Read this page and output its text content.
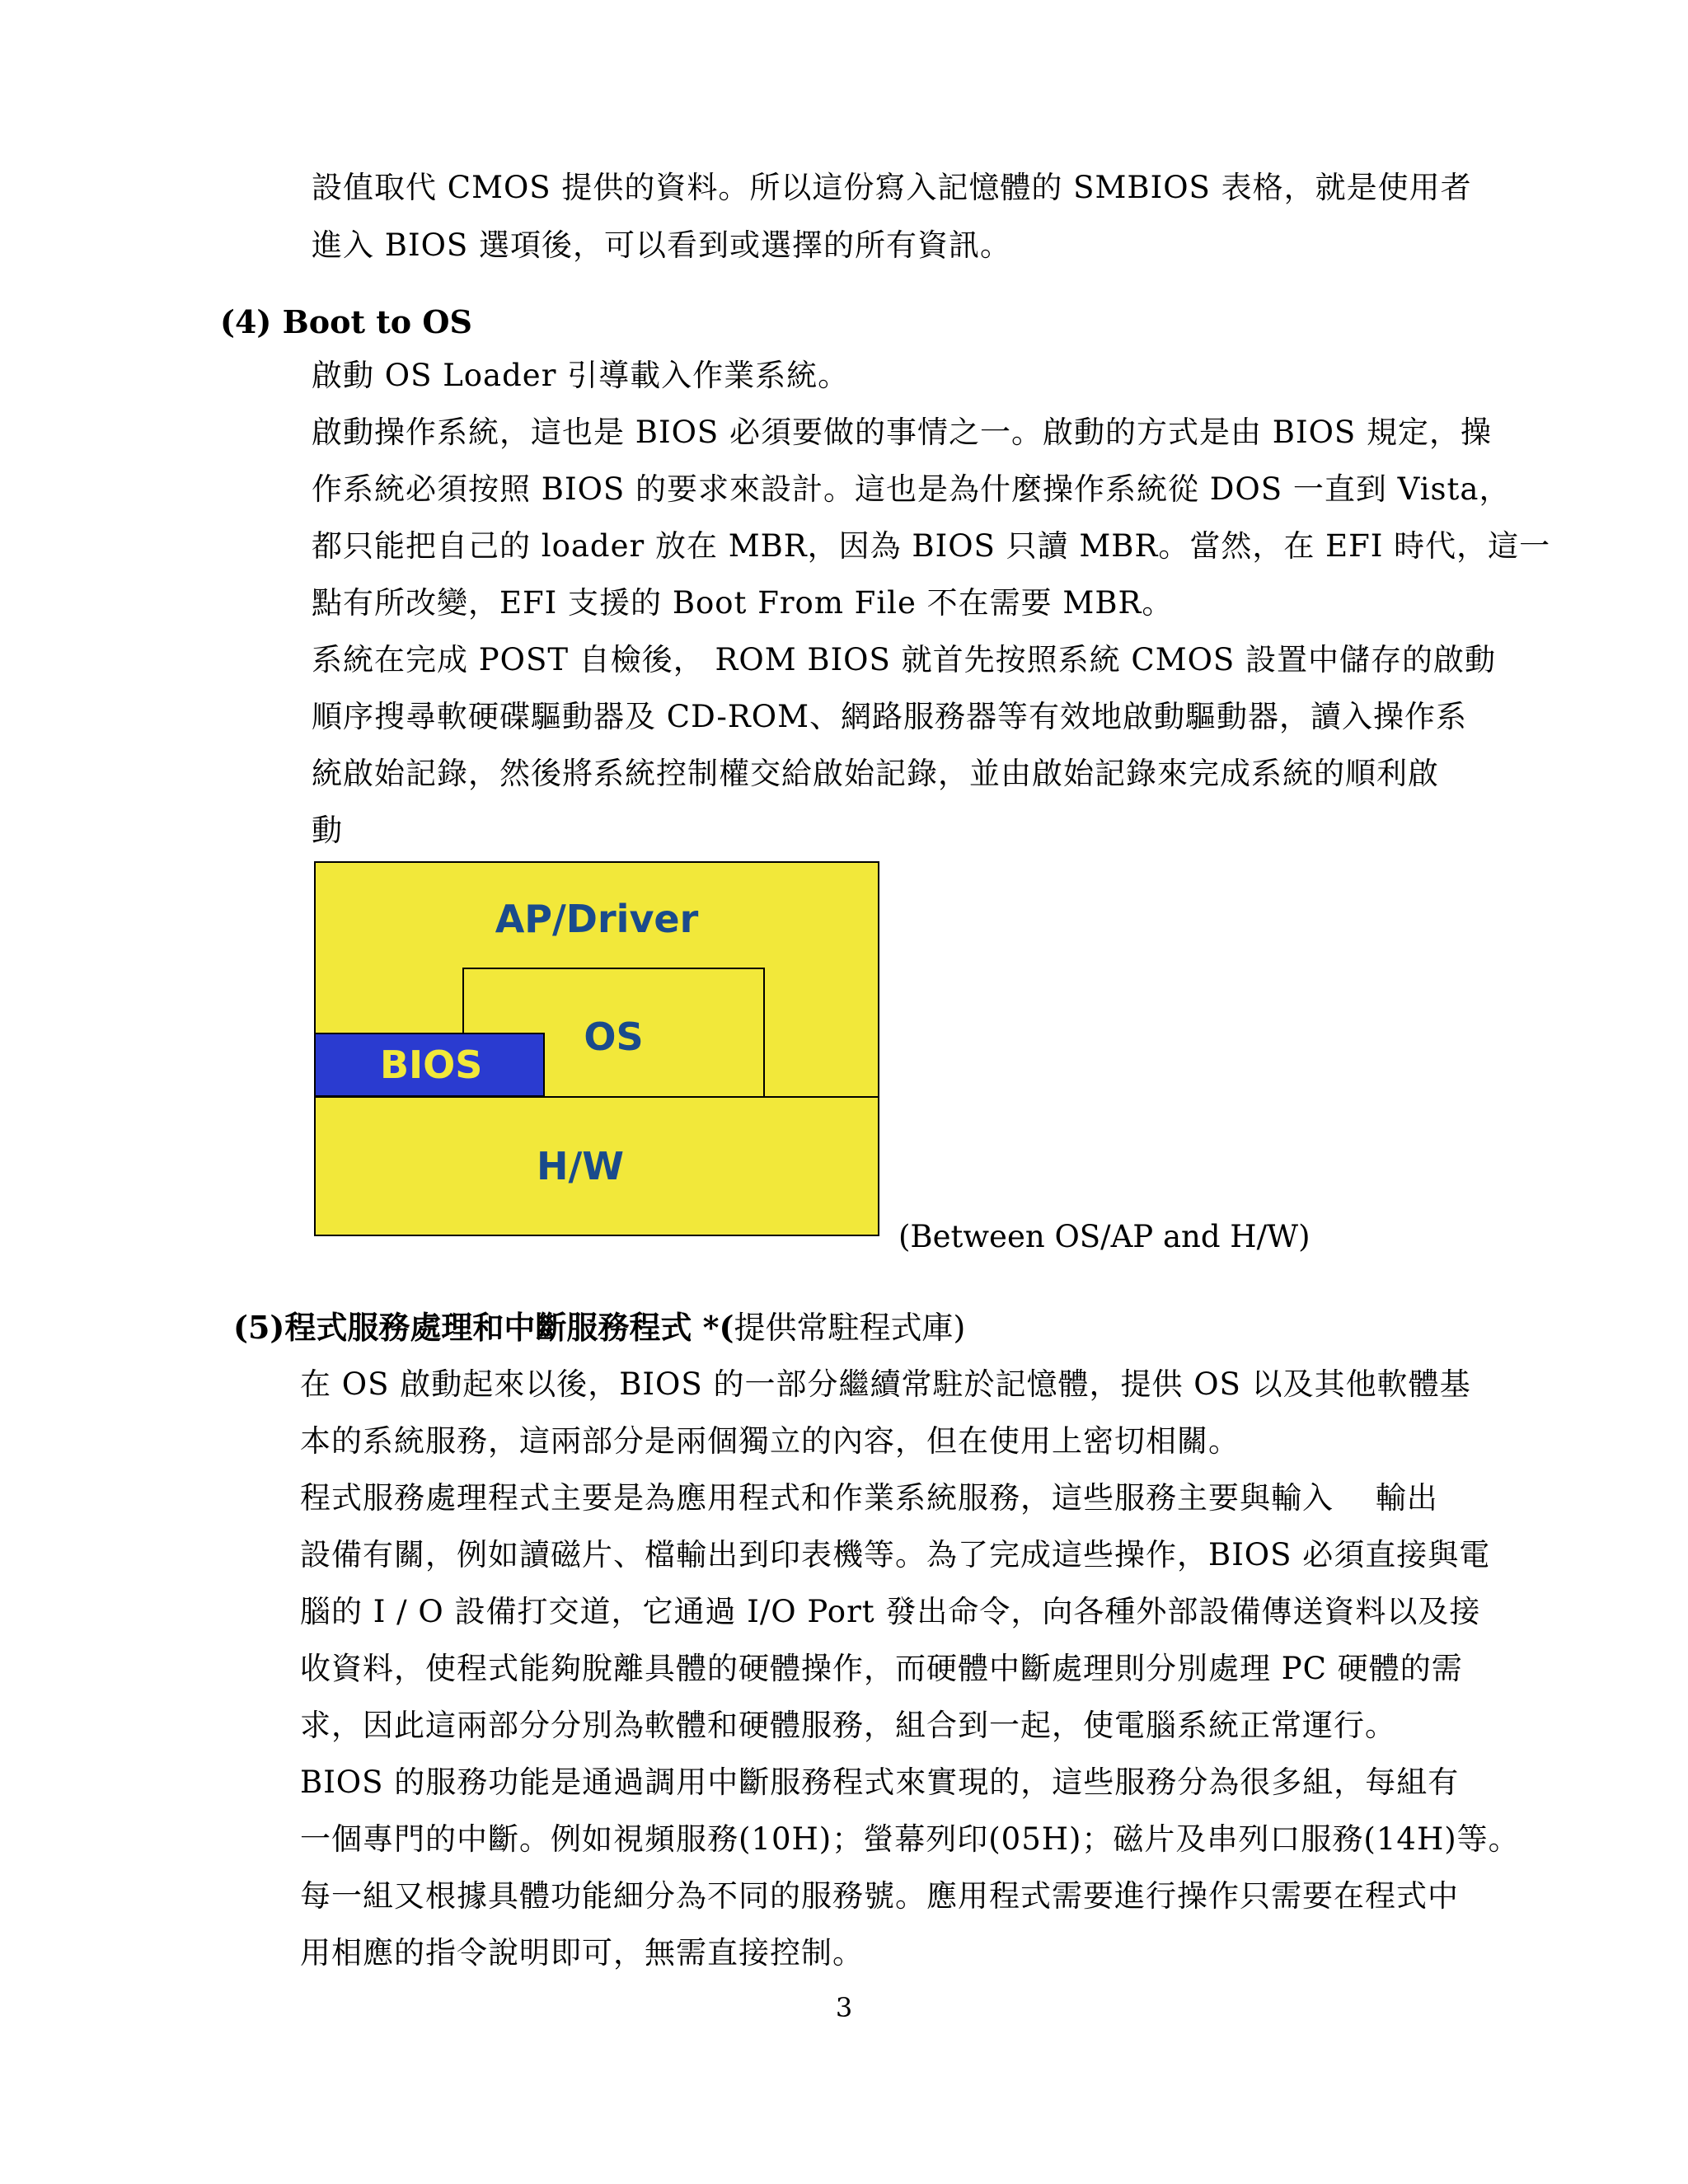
設值取代 CMOS 提供的資料。所以這份寫入記憶體的 SMBIOS 表格，就是使用者
進入 BIOS 選項後，可以看到或選擇的所有資訊。
(4) Boot to OS
啟動 OS Loader 引導載入作業系統。
啟動操作系統，這也是 BIOS 必須要做的事情之一。啟動的方式是由 BIOS 規定，操
作系統必須按照 BIOS 的要求來設計。這也是為什麼操作系統從 DOS 一直到 Vista，
都只能把自己的 loader 放在 MBR，因為 BIOS 只讀 MBR。當然，在 EFI 時代，這一
點有所改變，EFI 支援的 Boot From File 不在需要 MBR。
系統在完成 POST 自檢後， ROM BIOS 就首先按照系統 CMOS 設置中儲存的啟動
順序搜尋軟硬碟驅動器及 CD-ROM、網路服務器等有效地啟動驅動器，讀入操作系
統啟始記錄，然後將系統控制權交給啟始記錄，並由啟始記錄來完成系統的順利啟
動
AP/Driver
OS
BIOS
H/W
(Between OS/AP and H/W)
(5)程式服務處理和中斷服務程式 *(提供常駐程式庫)
在 OS 啟動起來以後，BIOS 的一部分繼續常駐於記憶體，提供 OS 以及其他軟體基
本的系統服務，這兩部分是兩個獨立的內容，但在使用上密切相關。
程式服務處理程式主要是為應用程式和作業系統服務，這些服務主要與輸入　 輸出
設備有關，例如讀磁片、檔輸出到印表機等。為了完成這些操作，BIOS 必須直接與電
腦的 I / O 設備打交道，它通過 I/O Port 發出命令，向各種外部設備傳送資料以及接
收資料，使程式能夠脫離具體的硬體操作，而硬體中斷處理則分別處理 PC 硬體的需
求，因此這兩部分分別為軟體和硬體服務，組合到一起，使電腦系統正常運行。
BIOS 的服務功能是通過調用中斷服務程式來實現的，這些服務分為很多組，每組有
一個專門的中斷。例如視頻服務(10H)；螢幕列印(05H)；磁片及串列口服務(14H)等。
每一組又根據具體功能細分為不同的服務號。應用程式需要進行操作只需要在程式中
用相應的指令說明即可，無需直接控制。
3
